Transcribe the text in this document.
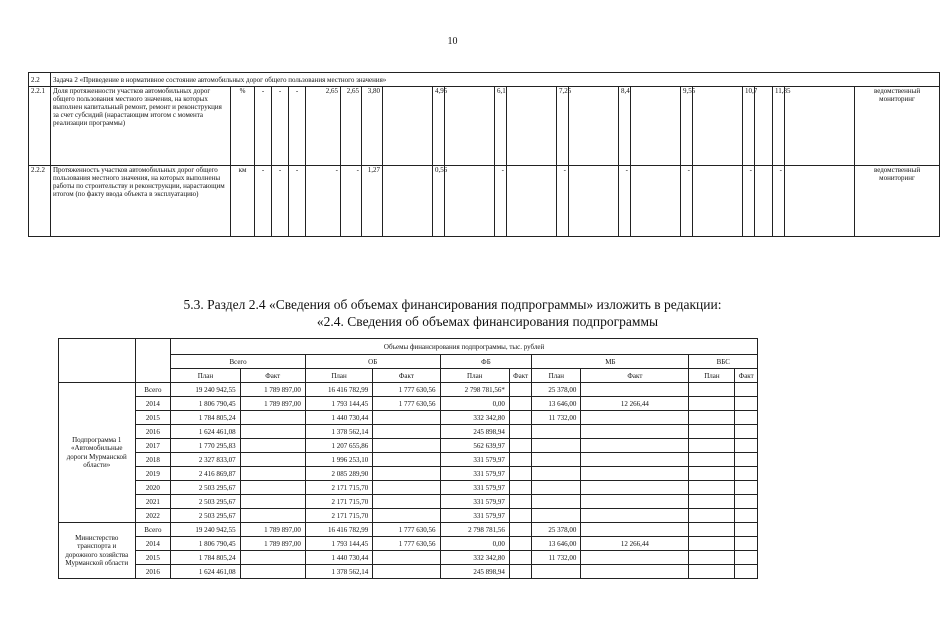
10
2.2	Задача 2 «Приведение в нормативное состояние автомобильных дорог общего пользования местного значения»																								
2.2.1	Доля протяженности участков автомобильных дорог общего пользования местного значения, на которых выполнен капитальный ремонт, ремонт и реконструкция за счет субсидий (нарастающим итогом с момента реализации программы)	%	-	-	-	2,65	2,65	3,80		4,95		6,1		7,25		8,4		9,55		10,7		11,85		ведомственный мониторинг	
2.2.2	Протяженность участков автомобильных дорог общего пользования местного значения, на которых выполнены работы по строительству и реконструкции, нарастающим итогом (по факту ввода объекта в эксплуатацию)	км	-	-	-	-	-	1,27		0,56		-		-		-		-		-		-		ведомственный мониторинг	
5.3. Раздел 2.4 «Сведения об объемах финансирования подпрограммы» изложить в редакции:
«2.4. Сведения об объемах финансирования подпрограммы
		Объемы финансирования подпрограммы, тыс. рублей									
		Всего		ОБ		ФБ		МБ		ВБС	
		План	Факт	План	Факт	План	Факт	План	Факт	План	Факт
Подпрограмма 1 «Автомобильные дороги Мурманской области»	Всего	19 240 942,55	1 789 897,00	16 416 782,99	1 777 630,56	2 798 781,56*		25 378,00			
	2014	1 806 790,45	1 789 897,00	1 793 144,45	1 777 630,56	0,00		13 646,00	12 266,44		
	2015	1 784 805,24		1 440 730,44		332 342,80		11 732,00			
	2016	1 624 461,08		1 378 562,14		245 898,94					
	2017	1 770 295,83		1 207 655,86		562 639,97					
	2018	2 327 833,07		1 996 253,10		331 579,97					
	2019	2 416 869,87		2 085 289,90		331 579,97					
	2020	2 503 295,67		2 171 715,70		331 579,97					
	2021	2 503 295,67		2 171 715,70		331 579,97					
	2022	2 503 295,67		2 171 715,70		331 579,97					
Министерство транспорта и дорожного хозяйства Мурманской области	Всего	19 240 942,55	1 789 897,00	16 416 782,99	1 777 630,56	2 798 781,56		25 378,00			
	2014	1 806 790,45	1 789 897,00	1 793 144,45	1 777 630,56	0,00		13 646,00	12 266,44		
	2015	1 784 805,24		1 440 730,44		332 342,80		11 732,00			
	2016	1 624 461,08		1 378 562,14		245 898,94					
